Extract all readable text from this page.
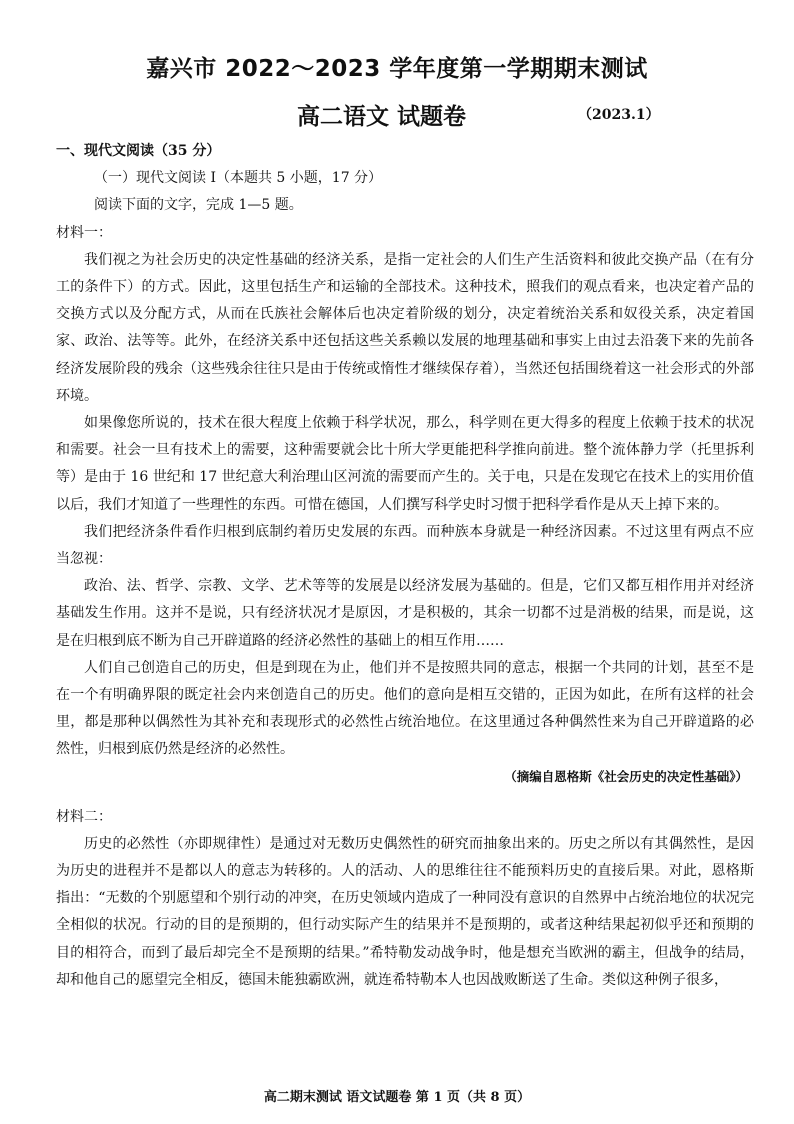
嘉兴市 2022～2023 学年度第一学期期末测试
高二语文 试题卷	（2023.1）
一、现代文阅读（35 分）
（一）现代文阅读 I（本题共 5 小题，17 分）
阅读下面的文字，完成 1—5 题。
材料一：

我们视之为社会历史的决定性基础的经济关系，是指一定社会的人们生产生活资料和彼此交换产品（在有分工的条件下）的方式。因此，这里包括生产和运输的全部技术。这种技术，照我们的观点看来，也决定着产品的交换方式以及分配方式，从而在氏族社会解体后也决定着阶级的划分，决定着统治关系和奴役关系，决定着国家、政治、法等等。此外，在经济关系中还包括这些关系赖以发展的地理基础和事实上由过去沿袭下来的先前各经济发展阶段的残余（这些残余往往只是由于传统或惰性才继续保存着），当然还包括围绕着这一社会形式的外部环境。

如果像您所说的，技术在很大程度上依赖于科学状况，那么，科学则在更大得多的程度上依赖于技术的状况和需要。社会一旦有技术上的需要，这种需要就会比十所大学更能把科学推向前进。整个流体静力学（托里拆利等）是由于 16 世纪和 17 世纪意大利治理山区河流的需要而产生的。关于电，只是在发现它在技术上的实用价值以后，我们才知道了一些理性的东西。可惜在德国，人们撰写科学史时习惯于把科学看作是从天上掉下来的。

我们把经济条件看作归根到底制约着历史发展的东西。而种族本身就是一种经济因素。不过这里有两点不应当忽视：

政治、法、哲学、宗教、文学、艺术等等的发展是以经济发展为基础的。但是，它们又都互相作用并对经济基础发生作用。这并不是说，只有经济状况才是原因，才是积极的，其余一切都不过是消极的结果，而是说，这是在归根到底不断为自己开辟道路的经济必然性的基础上的相互作用……

人们自己创造自己的历史，但是到现在为止，他们并不是按照共同的意志，根据一个共同的计划，甚至不是在一个有明确界限的既定社会内来创造自己的历史。他们的意向是相互交错的，正因为如此，在所有这样的社会里，都是那种以偶然性为其补充和表现形式的必然性占统治地位。在这里通过各种偶然性来为自己开辟道路的必然性，归根到底仍然是经济的必然性。

（摘编自恩格斯《社会历史的决定性基础》）
材料二：

历史的必然性（亦即规律性）是通过对无数历史偶然性的研究而抽象出来的。历史之所以有其偶然性，是因为历史的进程并不是都以人的意志为转移的。人的活动、人的思维往往不能预料历史的直接后果。对此，恩格斯指出：“无数的个别愿望和个别行动的冲突，在历史领域内造成了一种同没有意识的自然界中占统治地位的状况完全相似的状况。行动的目的是预期的，但行动实际产生的结果并不是预期的，或者这种结果起初似乎还和预期的目的相符合，而到了最后却完全不是预期的结果。”希特勒发动战争时，他是想充当欧洲的霸主，但战争的结局，却和他自己的愿望完全相反，德国未能独霸欧洲，就连希特勒本人也因战败断送了生命。类似这种例子很多，

高二期末测试 语文试题卷 第 1 页（共 8 页）
